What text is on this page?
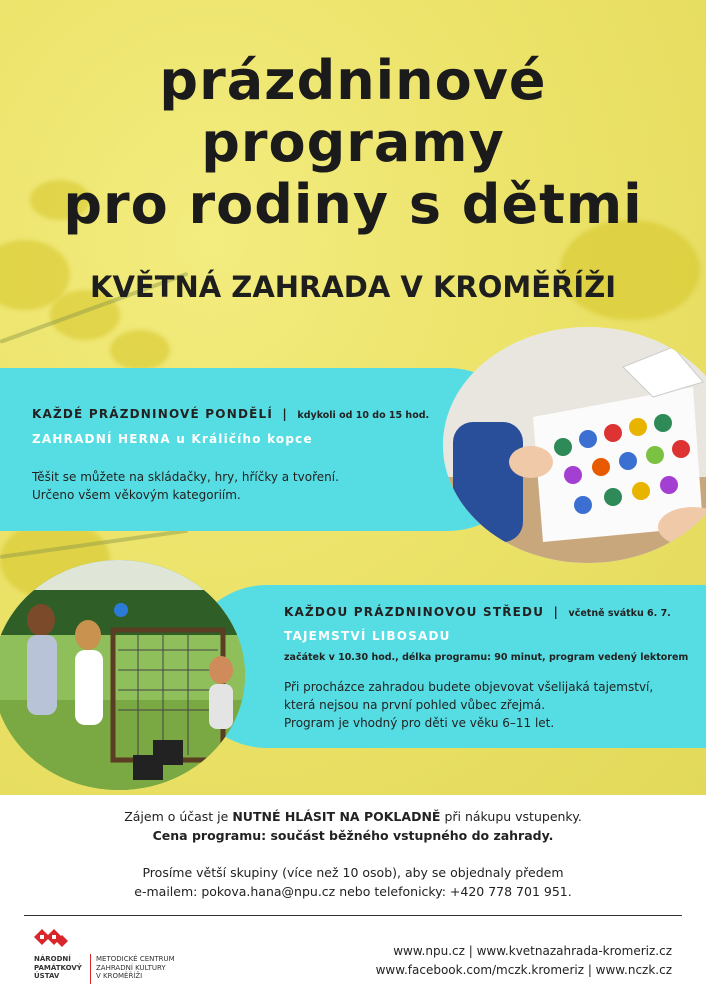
prázdninové
programy
pro rodiny s dětmi
KVĚTNÁ ZAHRADA V KROMĚŘÍŽI
KAŽDÉ PRÁZDNINOVÉ PONDĚLÍ | kdykoli od 10 do 15 hod.
ZAHRADNÍ HERNA u Králičího kopce
Těšit se můžete na skládačky, hry, hříčky a tvoření.
Určeno všem věkovým kategoriím.
KAŽDOU PRÁZDNINOVOU STŘEDU | včetně svátku 6. 7.
TAJEMSTVÍ LIBOSADU
začátek v 10.30 hod., délka programu: 90 minut, program vedený lektorem
Při procházce zahradou budete objevovat všelijaká tajemství,
která nejsou na první pohled vůbec zřejmá.
Program je vhodný pro děti ve věku 6–11 let.
Zájem o účast je NUTNÉ HLÁSIT NA POKLADNĚ při nákupu vstupenky.
Cena programu: součást běžného vstupného do zahrady.
Prosíme větší skupiny (více než 10 osob), aby se objednaly předem
e-mailem: pokova.hana@npu.cz nebo telefonicky: +420 778 701 951.
NÁRODNÍ
PAMÁTKOVÝ
ÚSTAV
METODICKÉ CENTRUM
ZAHRADNÍ KULTURY
V KROMĚŘÍŽI
www.npu.cz | www.kvetnazahrada-kromeriz.cz
www.facebook.com/mczk.kromeriz | www.nczk.cz
